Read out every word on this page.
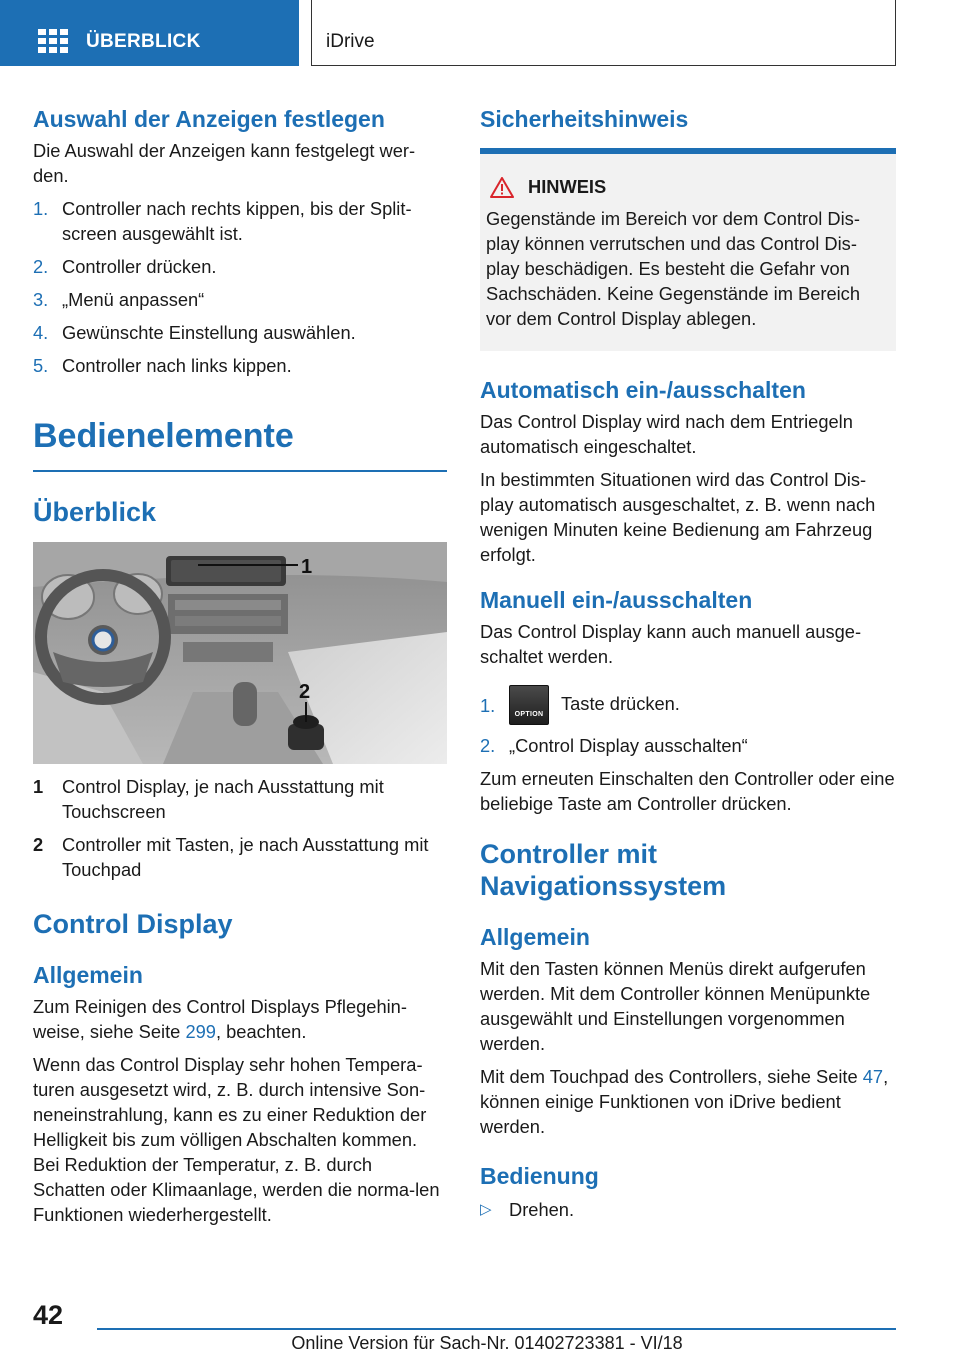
ÜBERBLICK	iDrive
Auswahl der Anzeigen festlegen

Die Auswahl der Anzeigen kann festgelegt wer‐den.

1. Controller nach rechts kippen, bis der Split‐screen ausgewählt ist.
2. Controller drücken.
3. „Menü anpassen“
4. Gewünschte Einstellung auswählen.
5. Controller nach links kippen.
Bedienelemente
Überblick
1
2
1	Control Display, je nach Ausstattung mit Touchscreen
2	Controller mit Tasten, je nach Ausstattung mit Touchpad
Control Display
Allgemein

Zum Reinigen des Control Displays Pflegehin‐weise, siehe Seite 299, beachten.

Wenn das Control Display sehr hohen Tempera‐turen ausgesetzt wird, z. B. durch intensive Son‐neneinstrahlung, kann es zu einer Reduktion der Helligkeit bis zum völligen Abschalten kommen. Bei Reduktion der Temperatur, z. B. durch Schatten oder Klimaanlage, werden die norma‐len Funktionen wiederhergestellt.

Sicherheitshinweis
HINWEIS

Gegenstände im Bereich vor dem Control Dis‐play können verrutschen und das Control Dis‐play beschädigen. Es besteht die Gefahr von Sachschäden. Keine Gegenstände im Bereich vor dem Control Display ablegen.

Automatisch ein-/ausschalten

Das Control Display wird nach dem Entriegeln automatisch eingeschaltet.

In bestimmten Situationen wird das Control Dis‐play automatisch ausgeschaltet, z. B. wenn nach wenigen Minuten keine Bedienung am Fahrzeug erfolgt.

Manuell ein-/ausschalten

Das Control Display kann auch manuell ausge‐schaltet werden.

1.	OPTION
Taste drücken.
2. „Control Display ausschalten“

Zum erneuten Einschalten den Controller oder eine beliebige Taste am Controller drücken.

Controller mit Navigationssystem
Allgemein

Mit den Tasten können Menüs direkt aufgerufen werden. Mit dem Controller können Menüpunkte ausgewählt und Einstellungen vorgenommen werden.

Mit dem Touchpad des Controllers, siehe Seite 47, können einige Funktionen von iDrive bedient werden.

Bedienung
▷ Drehen.
42
Online Version für Sach-Nr. 01402723381 - VI/18
